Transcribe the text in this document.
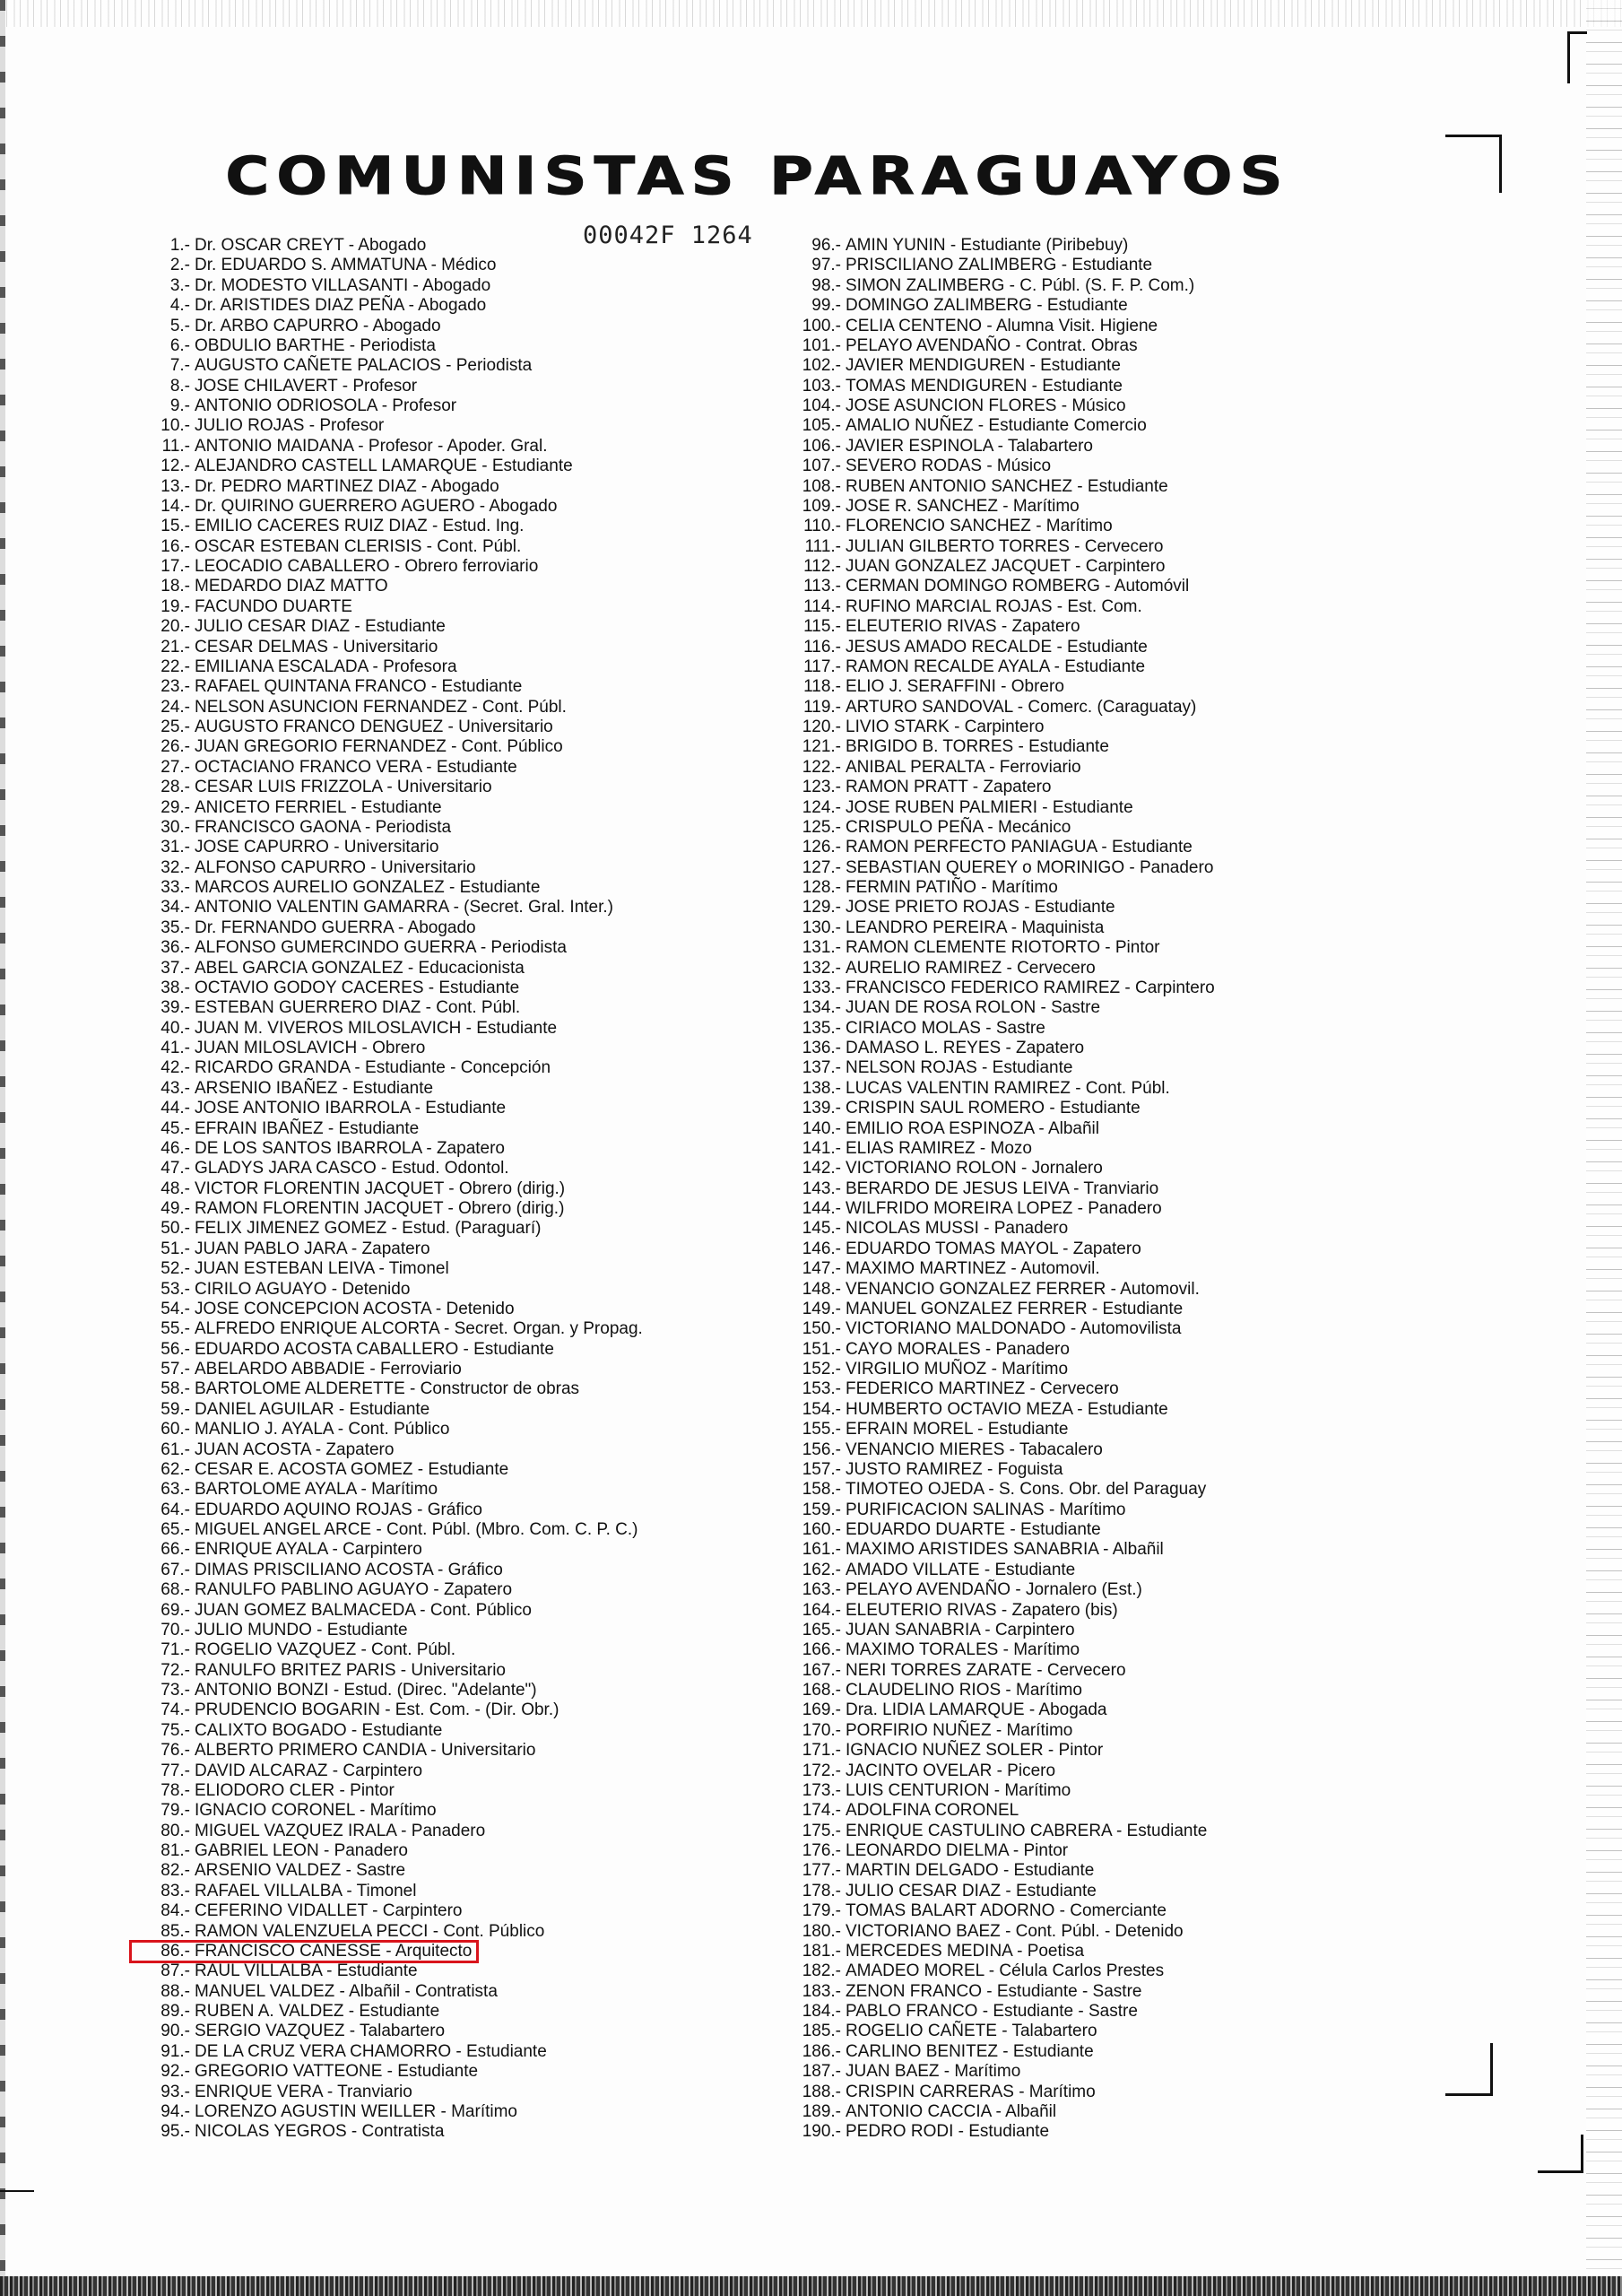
COMUNISTAS PARAGUAYOS
00042F 1264
1.- Dr. OSCAR CREYT - Abogado
2.- Dr. EDUARDO S. AMMATUNA - Médico
3.- Dr. MODESTO VILLASANTI - Abogado
4.- Dr. ARISTIDES DIAZ PEÑA - Abogado
5.- Dr. ARBO CAPURRO - Abogado
6.- OBDULIO BARTHE - Periodista
7.- AUGUSTO CAÑETE PALACIOS - Periodista
8.- JOSE CHILAVERT - Profesor
9.- ANTONIO ODRIOSOLA - Profesor
10.- JULIO ROJAS - Profesor
11.- ANTONIO MAIDANA - Profesor - Apoder. Gral.
12.- ALEJANDRO CASTELL LAMARQUE - Estudiante
13.- Dr. PEDRO MARTINEZ DIAZ - Abogado
14.- Dr. QUIRINO GUERRERO AGUERO - Abogado
15.- EMILIO CACERES RUIZ DIAZ - Estud. Ing.
16.- OSCAR ESTEBAN CLERISIS - Cont. Públ.
17.- LEOCADIO CABALLERO - Obrero ferroviario
18.- MEDARDO DIAZ MATTO
19.- FACUNDO DUARTE
20.- JULIO CESAR DIAZ - Estudiante
21.- CESAR DELMAS - Universitario
22.- EMILIANA ESCALADA - Profesora
23.- RAFAEL QUINTANA FRANCO - Estudiante
24.- NELSON ASUNCION FERNANDEZ - Cont. Públ.
25.- AUGUSTO FRANCO DENGUEZ - Universitario
26.- JUAN GREGORIO FERNANDEZ - Cont. Público
27.- OCTACIANO FRANCO VERA - Estudiante
28.- CESAR LUIS FRIZZOLA - Universitario
29.- ANICETO FERRIEL - Estudiante
30.- FRANCISCO GAONA - Periodista
31.- JOSE CAPURRO - Universitario
32.- ALFONSO CAPURRO - Universitario
33.- MARCOS AURELIO GONZALEZ - Estudiante
34.- ANTONIO VALENTIN GAMARRA - (Secret. Gral. Inter.)
35.- Dr. FERNANDO GUERRA - Abogado
36.- ALFONSO GUMERCINDO GUERRA - Periodista
37.- ABEL GARCIA GONZALEZ - Educacionista
38.- OCTAVIO GODOY CACERES - Estudiante
39.- ESTEBAN GUERRERO DIAZ - Cont. Públ.
40.- JUAN M. VIVEROS MILOSLAVICH - Estudiante
41.- JUAN MILOSLAVICH - Obrero
42.- RICARDO GRANDA - Estudiante - Concepción
43.- ARSENIO IBAÑEZ - Estudiante
44.- JOSE ANTONIO IBARROLA - Estudiante
45.- EFRAIN IBAÑEZ - Estudiante
46.- DE LOS SANTOS IBARROLA - Zapatero
47.- GLADYS JARA CASCO - Estud. Odontol.
48.- VICTOR FLORENTIN JACQUET - Obrero (dirig.)
49.- RAMON FLORENTIN JACQUET - Obrero (dirig.)
50.- FELIX JIMENEZ GOMEZ - Estud. (Paraguarí)
51.- JUAN PABLO JARA - Zapatero
52.- JUAN ESTEBAN LEIVA - Timonel
53.- CIRILO AGUAYO - Detenido
54.- JOSE CONCEPCION ACOSTA - Detenido
55.- ALFREDO ENRIQUE ALCORTA - Secret. Organ. y Propag.
56.- EDUARDO ACOSTA CABALLERO - Estudiante
57.- ABELARDO ABBADIE - Ferroviario
58.- BARTOLOME ALDERETTE - Constructor de obras
59.- DANIEL AGUILAR - Estudiante
60.- MANLIO J. AYALA - Cont. Público
61.- JUAN ACOSTA - Zapatero
62.- CESAR E. ACOSTA GOMEZ - Estudiante
63.- BARTOLOME AYALA - Marítimo
64.- EDUARDO AQUINO ROJAS - Gráfico
65.- MIGUEL ANGEL ARCE - Cont. Públ. (Mbro. Com. C. P. C.)
66.- ENRIQUE AYALA - Carpintero
67.- DIMAS PRISCILIANO ACOSTA - Gráfico
68.- RANULFO PABLINO AGUAYO - Zapatero
69.- JUAN GOMEZ BALMACEDA - Cont. Público
70.- JULIO MUNDO - Estudiante
71.- ROGELIO VAZQUEZ - Cont. Públ.
72.- RANULFO BRITEZ PARIS - Universitario
73.- ANTONIO BONZI - Estud. (Direc. "Adelante")
74.- PRUDENCIO BOGARIN - Est. Com. - (Dir. Obr.)
75.- CALIXTO BOGADO - Estudiante
76.- ALBERTO PRIMERO CANDIA - Universitario
77.- DAVID ALCARAZ - Carpintero
78.- ELIODORO CLER - Pintor
79.- IGNACIO CORONEL - Marítimo
80.- MIGUEL VAZQUEZ IRALA - Panadero
81.- GABRIEL LEON - Panadero
82.- ARSENIO VALDEZ - Sastre
83.- RAFAEL VILLALBA - Timonel
84.- CEFERINO VIDALLET - Carpintero
85.- RAMON VALENZUELA PECCI - Cont. Público
86.- FRANCISCO CANESSE - Arquitecto
87.- RAUL VILLALBA - Estudiante
88.- MANUEL VALDEZ - Albañil - Contratista
89.- RUBEN A. VALDEZ - Estudiante
90.- SERGIO VAZQUEZ - Talabartero
91.- DE LA CRUZ VERA CHAMORRO - Estudiante
92.- GREGORIO VATTEONE - Estudiante
93.- ENRIQUE VERA - Tranviario
94.- LORENZO AGUSTIN WEILLER - Marítimo
95.- NICOLAS YEGROS - Contratista
96.- AMIN YUNIN - Estudiante (Piribebuy)
97.- PRISCILIANO ZALIMBERG - Estudiante
98.- SIMON ZALIMBERG - C. Públ. (S. F. P. Com.)
99.- DOMINGO ZALIMBERG - Estudiante
100.- CELIA CENTENO - Alumna Visit. Higiene
101.- PELAYO AVENDAÑO - Contrat. Obras
102.- JAVIER MENDIGUREN - Estudiante
103.- TOMAS MENDIGUREN - Estudiante
104.- JOSE ASUNCION FLORES - Músico
105.- AMALIO NUÑEZ - Estudiante Comercio
106.- JAVIER ESPINOLA - Talabartero
107.- SEVERO RODAS - Músico
108.- RUBEN ANTONIO SANCHEZ - Estudiante
109.- JOSE R. SANCHEZ - Marítimo
110.- FLORENCIO SANCHEZ - Marítimo
111.- JULIAN GILBERTO TORRES - Cervecero
112.- JUAN GONZALEZ JACQUET - Carpintero
113.- CERMAN DOMINGO ROMBERG - Automóvil
114.- RUFINO MARCIAL ROJAS - Est. Com.
115.- ELEUTERIO RIVAS - Zapatero
116.- JESUS AMADO RECALDE - Estudiante
117.- RAMON RECALDE AYALA - Estudiante
118.- ELIO J. SERAFFINI - Obrero
119.- ARTURO SANDOVAL - Comerc. (Caraguatay)
120.- LIVIO STARK - Carpintero
121.- BRIGIDO B. TORRES - Estudiante
122.- ANIBAL PERALTA - Ferroviario
123.- RAMON PRATT - Zapatero
124.- JOSE RUBEN PALMIERI - Estudiante
125.- CRISPULO PEÑA - Mecánico
126.- RAMON PERFECTO PANIAGUA - Estudiante
127.- SEBASTIAN QUEREY o MORINIGO - Panadero
128.- FERMIN PATIÑO - Marítimo
129.- JOSE PRIETO ROJAS - Estudiante
130.- LEANDRO PEREIRA - Maquinista
131.- RAMON CLEMENTE RIOTORTO - Pintor
132.- AURELIO RAMIREZ - Cervecero
133.- FRANCISCO FEDERICO RAMIREZ - Carpintero
134.- JUAN DE ROSA ROLON - Sastre
135.- CIRIACO MOLAS - Sastre
136.- DAMASO L. REYES - Zapatero
137.- NELSON ROJAS - Estudiante
138.- LUCAS VALENTIN RAMIREZ - Cont. Públ.
139.- CRISPIN SAUL ROMERO - Estudiante
140.- EMILIO ROA ESPINOZA - Albañil
141.- ELIAS RAMIREZ - Mozo
142.- VICTORIANO ROLON - Jornalero
143.- BERARDO DE JESUS LEIVA - Tranviario
144.- WILFRIDO MOREIRA LOPEZ - Panadero
145.- NICOLAS MUSSI - Panadero
146.- EDUARDO TOMAS MAYOL - Zapatero
147.- MAXIMO MARTINEZ - Automovil.
148.- VENANCIO GONZALEZ FERRER - Automovil.
149.- MANUEL GONZALEZ FERRER - Estudiante
150.- VICTORIANO MALDONADO - Automovilista
151.- CAYO MORALES - Panadero
152.- VIRGILIO MUÑOZ - Marítimo
153.- FEDERICO MARTINEZ - Cervecero
154.- HUMBERTO OCTAVIO MEZA - Estudiante
155.- EFRAIN MOREL - Estudiante
156.- VENANCIO MIERES - Tabacalero
157.- JUSTO RAMIREZ - Foguista
158.- TIMOTEO OJEDA - S. Cons. Obr. del Paraguay
159.- PURIFICACION SALINAS - Marítimo
160.- EDUARDO DUARTE - Estudiante
161.- MAXIMO ARISTIDES SANABRIA - Albañil
162.- AMADO VILLATE - Estudiante
163.- PELAYO AVENDAÑO - Jornalero (Est.)
164.- ELEUTERIO RIVAS - Zapatero (bis)
165.- JUAN SANABRIA - Carpintero
166.- MAXIMO TORALES - Marítimo
167.- NERI TORRES ZARATE - Cervecero
168.- CLAUDELINO RIOS - Marítimo
169.- Dra. LIDIA LAMARQUE - Abogada
170.- PORFIRIO NUÑEZ - Marítimo
171.- IGNACIO NUÑEZ SOLER - Pintor
172.- JACINTO OVELAR - Picero
173.- LUIS CENTURION - Marítimo
174.- ADOLFINA CORONEL
175.- ENRIQUE CASTULINO CABRERA - Estudiante
176.- LEONARDO DIELMA - Pintor
177.- MARTIN DELGADO - Estudiante
178.- JULIO CESAR DIAZ - Estudiante
179.- TOMAS BALART ADORNO - Comerciante
180.- VICTORIANO BAEZ - Cont. Públ. - Detenido
181.- MERCEDES MEDINA - Poetisa
182.- AMADEO MOREL - Célula Carlos Prestes
183.- ZENON FRANCO - Estudiante - Sastre
184.- PABLO FRANCO - Estudiante - Sastre
185.- ROGELIO CAÑETE - Talabartero
186.- CARLINO BENITEZ - Estudiante
187.- JUAN BAEZ - Marítimo
188.- CRISPIN CARRERAS - Marítimo
189.- ANTONIO CACCIA - Albañil
190.- PEDRO RODI - Estudiante
